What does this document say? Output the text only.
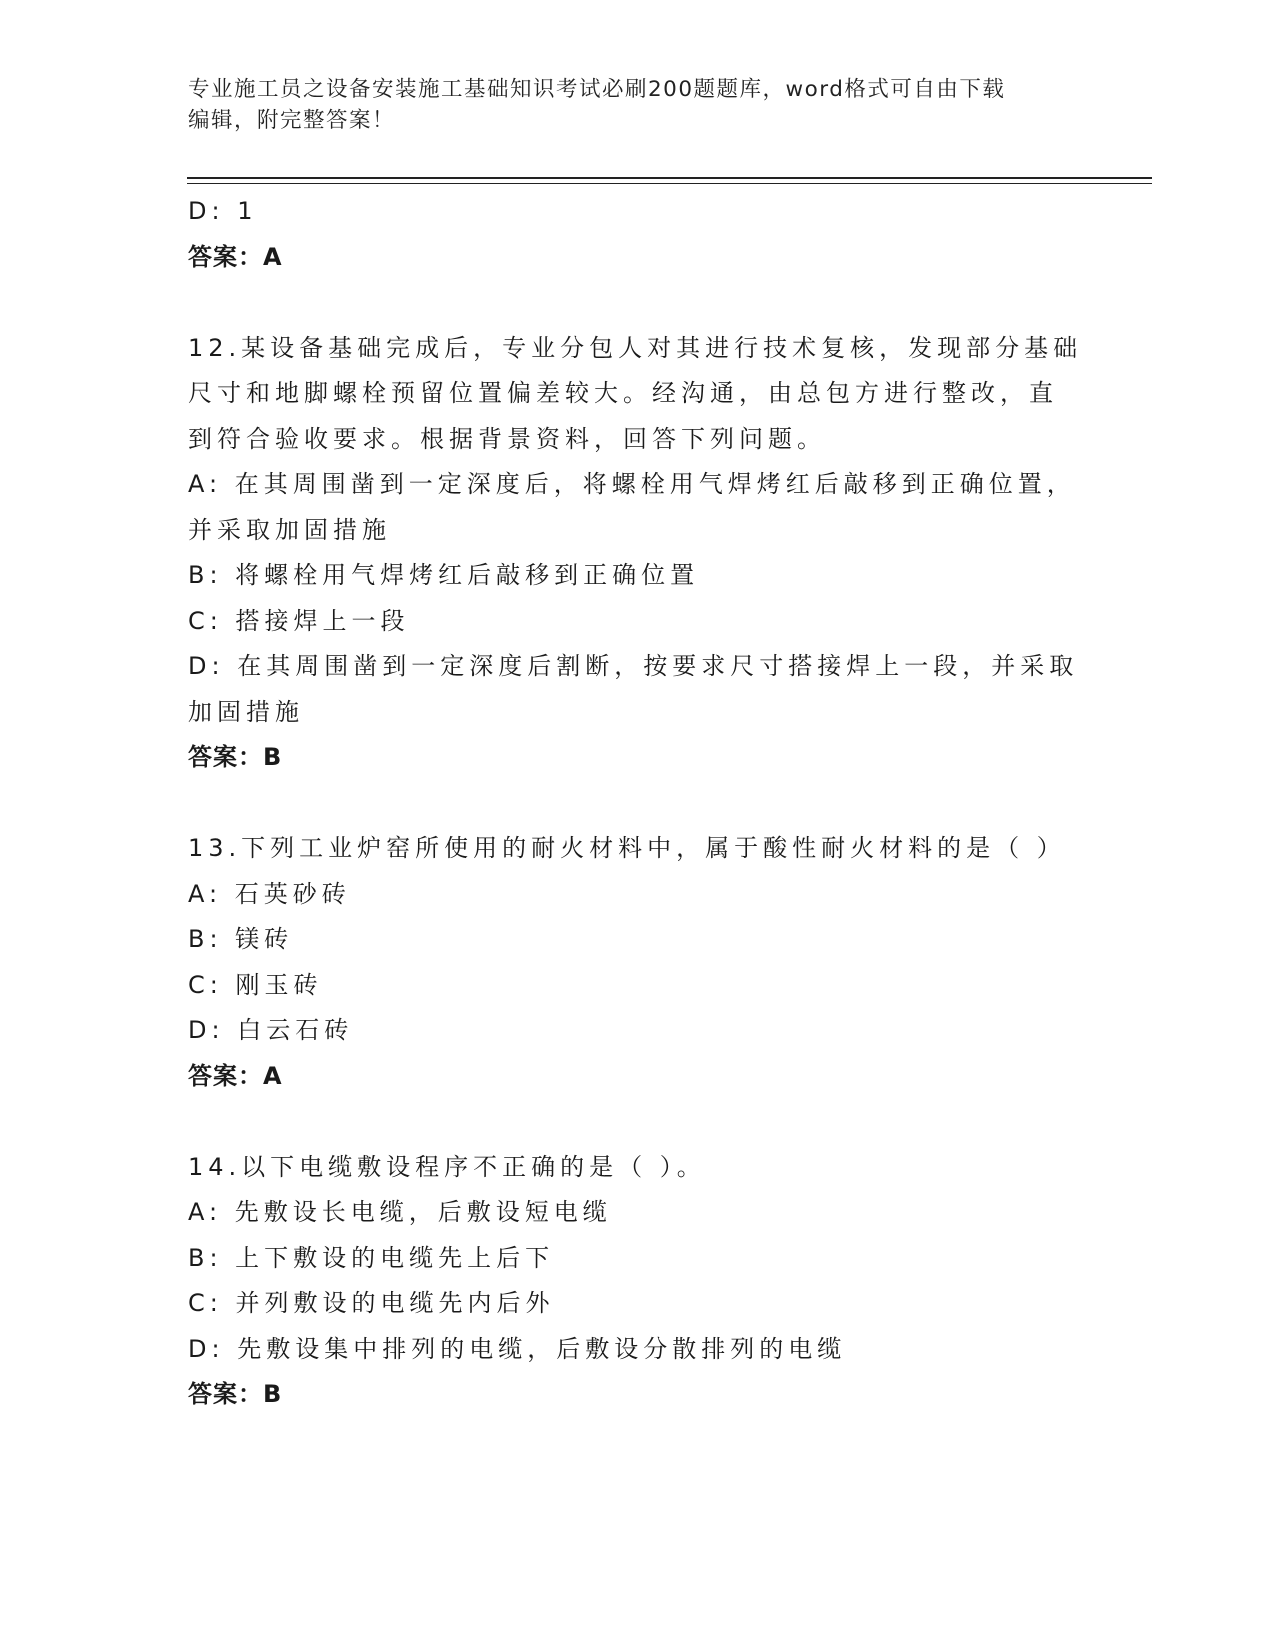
专业施工员之设备安装施工基础知识考试必刷200题题库，word格式可自由下载
编辑，附完整答案！
D: 1
答案：A
12.某设备基础完成后，专业分包人对其进行技术复核，发现部分基础
尺寸和地脚螺栓预留位置偏差较大。经沟通，由总包方进行整改，直
到符合验收要求。根据背景资料，回答下列问题。
A: 在其周围凿到一定深度后，将螺栓用气焊烤红后敲移到正确位置，
并采取加固措施
B: 将螺栓用气焊烤红后敲移到正确位置
C: 搭接焊上一段
D: 在其周围凿到一定深度后割断，按要求尺寸搭接焊上一段，并采取
加固措施
答案：B
13.下列工业炉窑所使用的耐火材料中，属于酸性耐火材料的是（ ）
A: 石英砂砖
B: 镁砖
C: 刚玉砖
D: 白云石砖
答案：A
14.以下电缆敷设程序不正确的是（ ）。
A: 先敷设长电缆，后敷设短电缆
B: 上下敷设的电缆先上后下
C: 并列敷设的电缆先内后外
D: 先敷设集中排列的电缆，后敷设分散排列的电缆
答案：B
